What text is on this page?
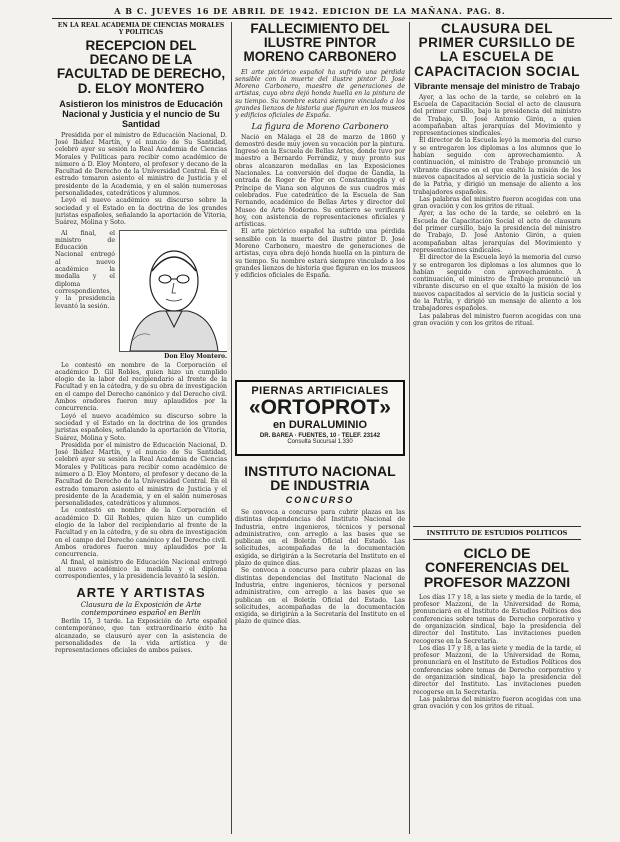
A B C. JUEVES 16 DE ABRIL DE 1942. EDICION DE LA MAÑANA. PAG. 8.
EN LA REAL ACADEMIA DE CIENCIAS MORALES Y POLITICAS
RECEPCION DEL DECANO DE LA FACULTAD DE DERECHO, D. ELOY MONTERO
Asistieron los ministros de Educación Nacional y Justicia y el nuncio de Su Santidad

Presidida por el ministro de Educación Nacional, D. José Ibáñez Martín, y el nuncio de Su Santidad, celebró ayer su sesión la Real Academia de Ciencias Morales y Políticas para recibir como académico de número a D. Eloy Montero, el profesor y decano de la Facultad de Derecho de la Universidad Central. En el estrado tomaron asiento el ministro de Justicia y el presidente de la Academia, y en el salón numerosas personalidades, catedráticos y alumnos.

Leyó el nuevo académico su discurso sobre la sociedad y el Estado en la doctrina de los grandes juristas españoles, señalando la aportación de Vitoria, Suárez, Molina y Soto.

Al final, el ministro de Educación Nacional entregó al nuevo académico la medalla y el diploma correspondientes, y la presidencia levantó la sesión.

Don Eloy Montero.

Le contestó en nombre de la Corporación el académico D. Gil Robles, quien hizo un cumplido elogio de la labor del recipiendario al frente de la Facultad y en la cátedra, y de su obra de investigación en el campo del Derecho canónico y del Derecho civil. Ambos oradores fueron muy aplaudidos por la concurrencia.

Leyó el nuevo académico su discurso sobre la sociedad y el Estado en la doctrina de los grandes juristas españoles, señalando la aportación de Vitoria, Suárez, Molina y Soto.

Presidida por el ministro de Educación Nacional, D. José Ibáñez Martín, y el nuncio de Su Santidad, celebró ayer su sesión la Real Academia de Ciencias Morales y Políticas para recibir como académico de número a D. Eloy Montero, el profesor y decano de la Facultad de Derecho de la Universidad Central. En el estrado tomaron asiento el ministro de Justicia y el presidente de la Academia, y en el salón numerosas personalidades, catedráticos y alumnos.

Le contestó en nombre de la Corporación el académico D. Gil Robles, quien hizo un cumplido elogio de la labor del recipiendario al frente de la Facultad y en la cátedra, y de su obra de investigación en el campo del Derecho canónico y del Derecho civil. Ambos oradores fueron muy aplaudidos por la concurrencia.

Al final, el ministro de Educación Nacional entregó al nuevo académico la medalla y el diploma correspondientes, y la presidencia levantó la sesión.

ARTE Y ARTISTAS
Clausura de la Exposición de Arte contemporáneo español en Berlín

Berlín 15, 3 tarde. La Exposición de Arte español contemporáneo, que tan extraordinario éxito ha alcanzado, se clausuró ayer con la asistencia de personalidades de la vida artística y de representaciones oficiales de ambos países.

FALLECIMIENTO DEL ILUSTRE PINTOR MORENO CARBONERO

El arte pictórico español ha sufrido una pérdida sensible con la muerte del ilustre pintor D. José Moreno Carbonero, maestro de generaciones de artistas, cuya obra dejó honda huella en la pintura de su tiempo. Su nombre estará siempre vinculado a los grandes lienzos de historia que figuran en los museos y edificios oficiales de España.

La figura de Moreno Carbonero

Nació en Málaga el 28 de marzo de 1860 y demostró desde muy joven su vocación por la pintura. Ingresó en la Escuela de Bellas Artes, donde tuvo por maestro a Bernardo Ferrándiz, y muy pronto sus obras alcanzaron medallas en las Exposiciones Nacionales. La conversión del duque de Gandía, la entrada de Roger de Flor en Constantinopla y el Príncipe de Viana son algunos de sus cuadros más celebrados. Fue catedrático de la Escuela de San Fernando, académico de Bellas Artes y director del Museo de Arte Moderno. Su entierro se verificará hoy, con asistencia de representaciones oficiales y artísticas.

El arte pictórico español ha sufrido una pérdida sensible con la muerte del ilustre pintor D. José Moreno Carbonero, maestro de generaciones de artistas, cuya obra dejó honda huella en la pintura de su tiempo. Su nombre estará siempre vinculado a los grandes lienzos de historia que figuran en los museos y edificios oficiales de España.

PIERNAS ARTIFICIALES
«ORTOPROT»
en DURALUMINIO
DR. BAREA · FUENTES, 10 · TELEF. 23142
Consulta Sucursal 1.330
INSTITUTO NACIONAL DE INDUSTRIA
CONCURSO

Se convoca a concurso para cubrir plazas en las distintas dependencias del Instituto Nacional de Industria, entre ingenieros, técnicos y personal administrativo, con arreglo a las bases que se publican en el Boletín Oficial del Estado. Las solicitudes, acompañadas de la documentación exigida, se dirigirán a la Secretaría del Instituto en el plazo de quince días.

Se convoca a concurso para cubrir plazas en las distintas dependencias del Instituto Nacional de Industria, entre ingenieros, técnicos y personal administrativo, con arreglo a las bases que se publican en el Boletín Oficial del Estado. Las solicitudes, acompañadas de la documentación exigida, se dirigirán a la Secretaría del Instituto en el plazo de quince días.

CLAUSURA DEL PRIMER CURSILLO DE LA ESCUELA DE CAPACITACION SOCIAL
Vibrante mensaje del ministro de Trabajo

Ayer, a las ocho de la tarde, se celebró en la Escuela de Capacitación Social el acto de clausura del primer cursillo, bajo la presidencia del ministro de Trabajo, D. José Antonio Girón, a quien acompañaban altas jerarquías del Movimiento y representaciones sindicales.

El director de la Escuela leyó la memoria del curso y se entregaron los diplomas a los alumnos que lo habían seguido con aprovechamiento. A continuación, el ministro de Trabajo pronunció un vibrante discurso en el que exaltó la misión de los nuevos capacitados al servicio de la justicia social y de la Patria, y dirigió un mensaje de aliento a los trabajadores españoles.

Las palabras del ministro fueron acogidas con una gran ovación y con los gritos de ritual.

Ayer, a las ocho de la tarde, se celebró en la Escuela de Capacitación Social el acto de clausura del primer cursillo, bajo la presidencia del ministro de Trabajo, D. José Antonio Girón, a quien acompañaban altas jerarquías del Movimiento y representaciones sindicales.

El director de la Escuela leyó la memoria del curso y se entregaron los diplomas a los alumnos que lo habían seguido con aprovechamiento. A continuación, el ministro de Trabajo pronunció un vibrante discurso en el que exaltó la misión de los nuevos capacitados al servicio de la justicia social y de la Patria, y dirigió un mensaje de aliento a los trabajadores españoles.

Las palabras del ministro fueron acogidas con una gran ovación y con los gritos de ritual.

INSTITUTO DE ESTUDIOS POLITICOS
CICLO DE CONFERENCIAS DEL PROFESOR MAZZONI

Los días 17 y 18, a las siete y media de la tarde, el profesor Mazzoni, de la Universidad de Roma, pronunciará en el Instituto de Estudios Políticos dos conferencias sobre temas de Derecho corporativo y de organización sindical, bajo la presidencia del director del Instituto. Las invitaciones pueden recogerse en la Secretaría.

Los días 17 y 18, a las siete y media de la tarde, el profesor Mazzoni, de la Universidad de Roma, pronunciará en el Instituto de Estudios Políticos dos conferencias sobre temas de Derecho corporativo y de organización sindical, bajo la presidencia del director del Instituto. Las invitaciones pueden recogerse en la Secretaría.

Las palabras del ministro fueron acogidas con una gran ovación y con los gritos de ritual.
